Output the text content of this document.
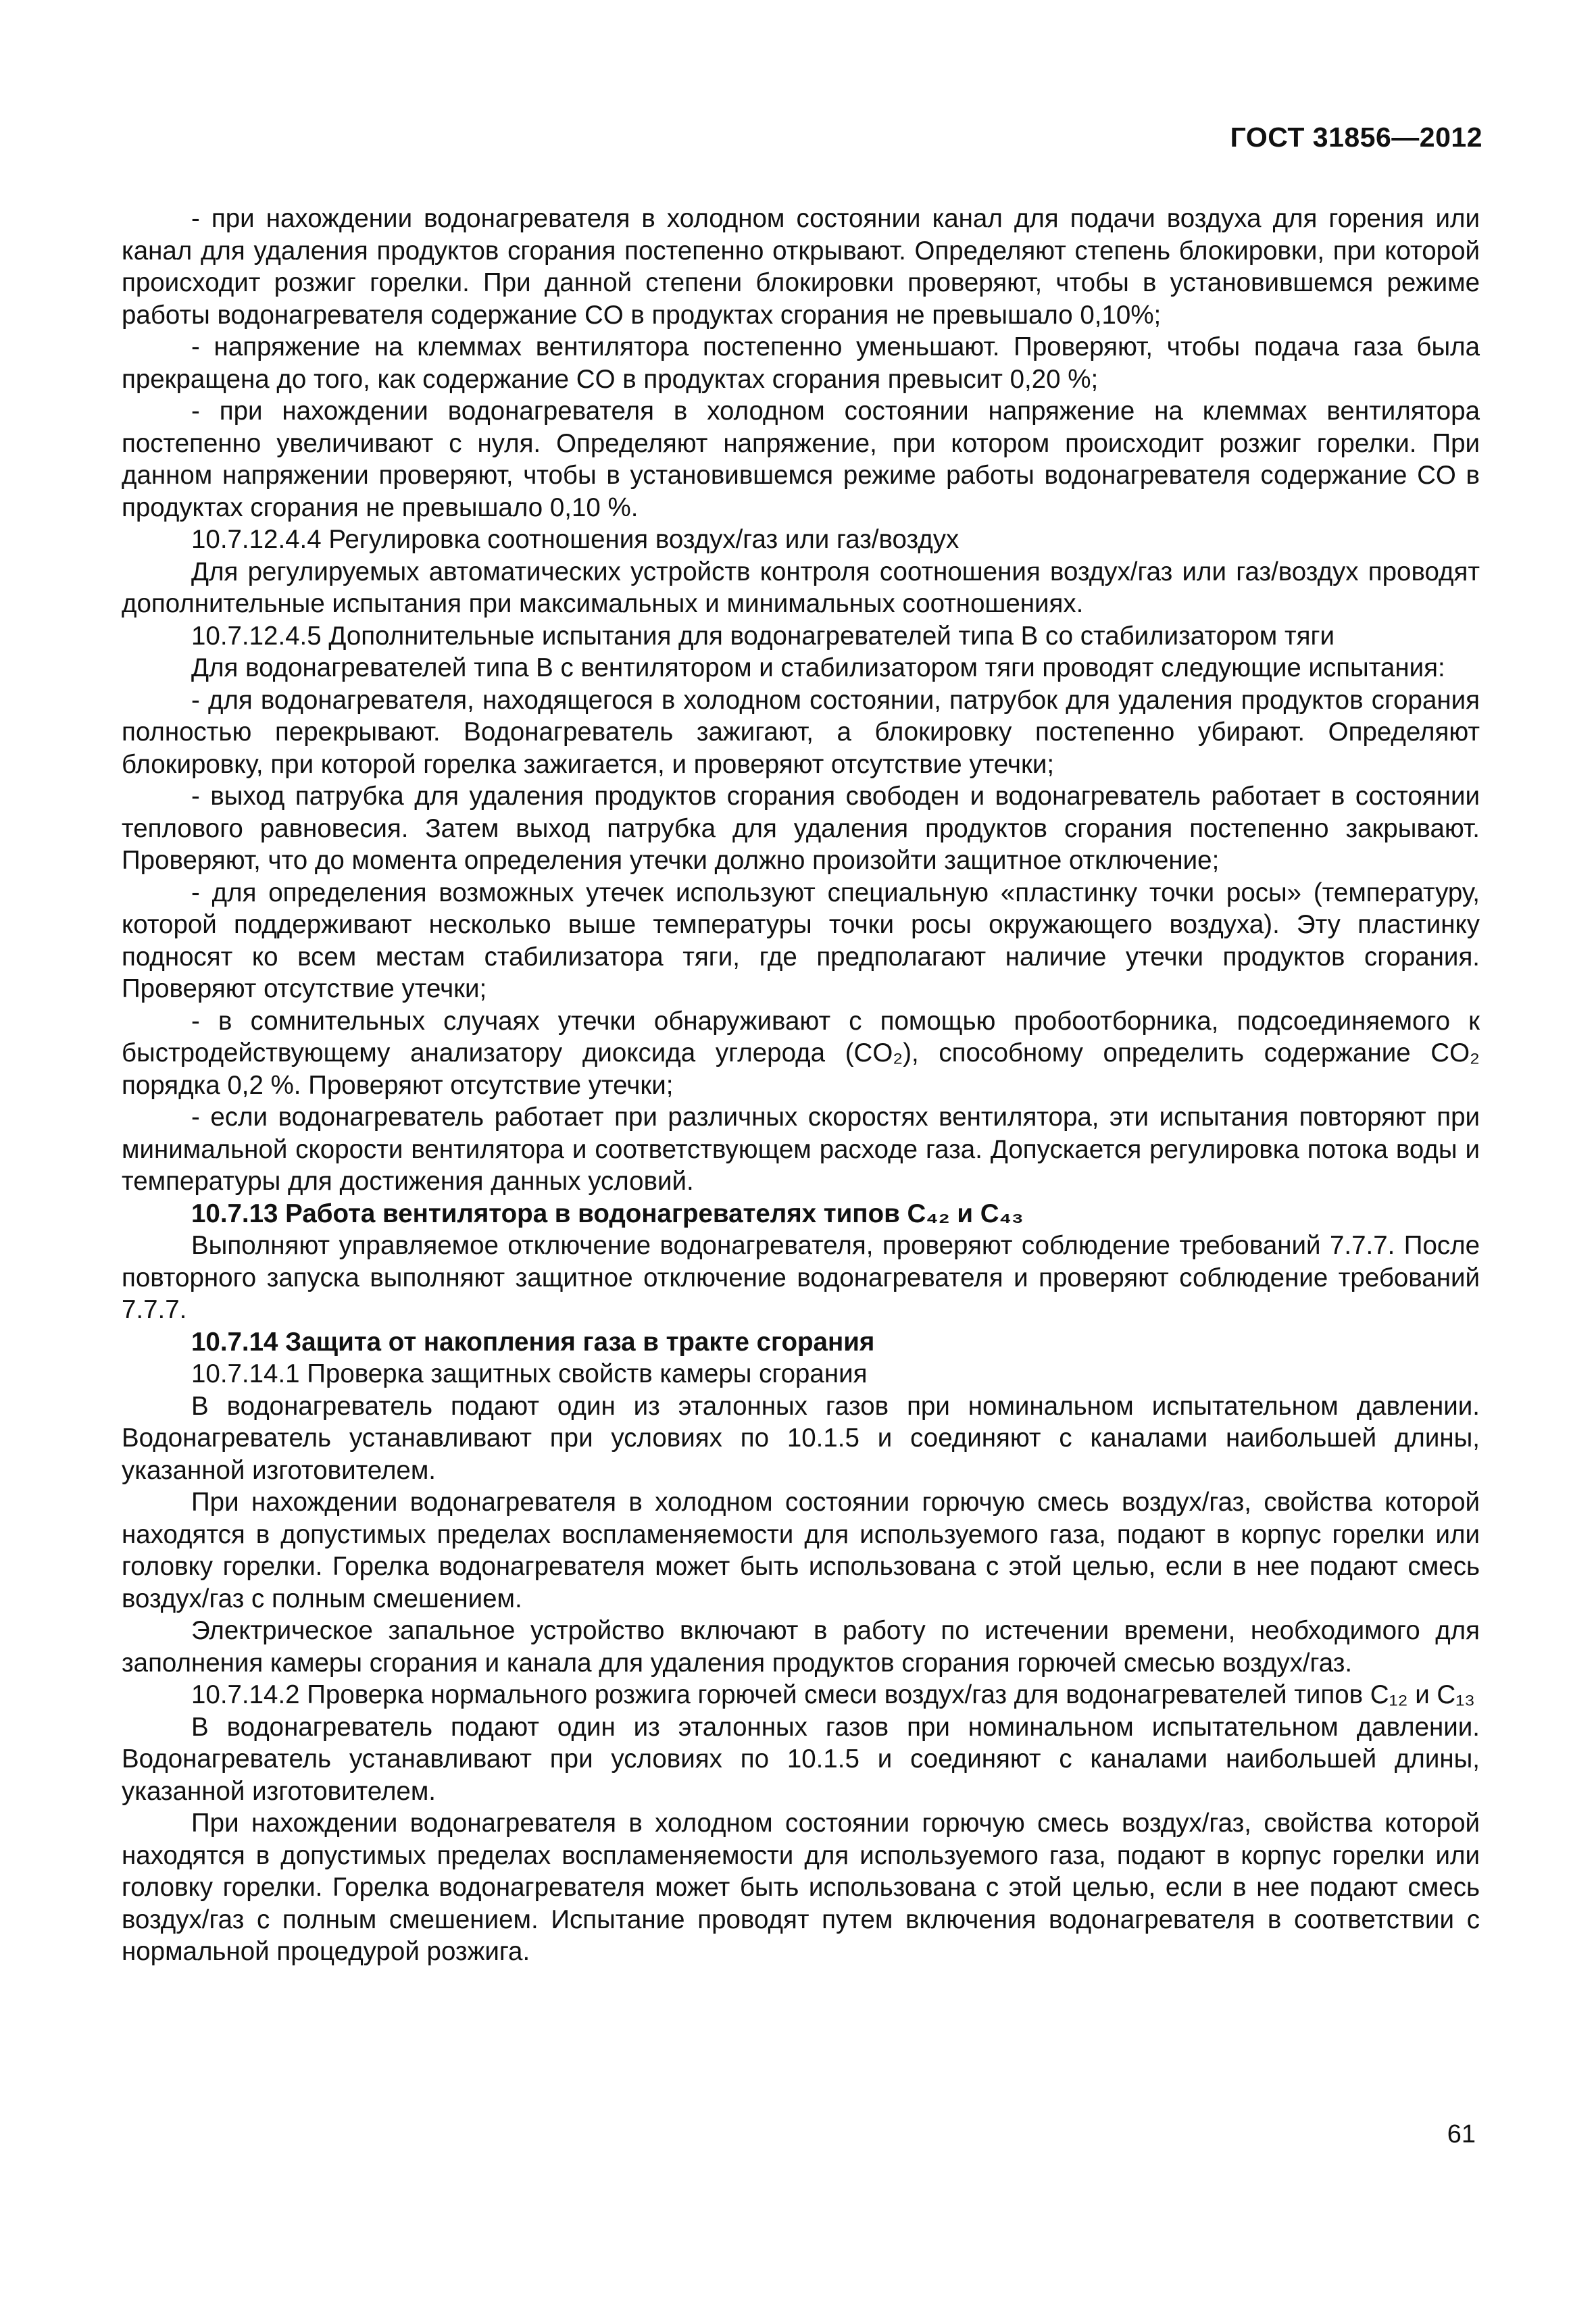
ГОСТ 31856—2012

- при нахождении водонагревателя в холодном состоянии канал для подачи воздуха для горения или канал для удаления продуктов сгорания постепенно открывают. Определяют степень блокировки, при которой происходит розжиг горелки. При данной степени блокировки проверяют, чтобы в установившемся режиме работы водонагревателя содержание CO в продуктах сгорания не превышало 0,10%;

- напряжение на клеммах вентилятора постепенно уменьшают. Проверяют, чтобы подача газа была прекращена до того, как содержание CO в продуктах сгорания превысит 0,20 %;

- при нахождении водонагревателя в холодном состоянии напряжение на клеммах вентилятора постепенно увеличивают с нуля. Определяют напряжение, при котором происходит розжиг горелки. При данном напряжении проверяют, чтобы в установившемся режиме работы водонагревателя содержание CO в продуктах сгорания не превышало 0,10 %.

10.7.12.4.4 Регулировка соотношения воздух/газ или газ/воздух

Для регулируемых автоматических устройств контроля соотношения воздух/газ или газ/воздух проводят дополнительные испытания при максимальных и минимальных соотношениях.

10.7.12.4.5 Дополнительные испытания для водонагревателей типа В со стабилизатором тяги

Для водонагревателей типа В с вентилятором и стабилизатором тяги проводят следующие испытания:

- для водонагревателя, находящегося в холодном состоянии, патрубок для удаления продуктов сгорания полностью перекрывают. Водонагреватель зажигают, а блокировку постепенно убирают. Определяют блокировку, при которой горелка зажигается, и проверяют отсутствие утечки;

- выход патрубка для удаления продуктов сгорания свободен и водонагреватель работает в состоянии теплового равновесия. Затем выход патрубка для удаления продуктов сгорания постепенно закрывают. Проверяют, что до момента определения утечки должно произойти защитное отключение;

- для определения возможных утечек используют специальную «пластинку точки росы» (температуру, которой поддерживают несколько выше температуры точки росы окружающего воздуха). Эту пластинку подносят ко всем местам стабилизатора тяги, где предполагают наличие утечки продуктов сгорания. Проверяют отсутствие утечки;

- в сомнительных случаях утечки обнаруживают с помощью пробоотборника, подсоединяемого к быстродействующему анализатору диоксида углерода (CO₂), способному определить содержание CO₂ порядка 0,2 %. Проверяют отсутствие утечки;

- если водонагреватель работает при различных скоростях вентилятора, эти испытания повторяют при минимальной скорости вентилятора и соответствующем расходе газа. Допускается регулировка потока воды и температуры для достижения данных условий.

10.7.13 Работа вентилятора в водонагревателях типов C₄₂ и C₄₃

Выполняют управляемое отключение водонагревателя, проверяют соблюдение требований 7.7.7. После повторного запуска выполняют защитное отключение водонагревателя и проверяют соблюдение требований 7.7.7.

10.7.14 Защита от накопления газа в тракте сгорания

10.7.14.1 Проверка защитных свойств камеры сгорания

В водонагреватель подают один из эталонных газов при номинальном испытательном давлении. Водонагреватель устанавливают при условиях по 10.1.5 и соединяют с каналами наибольшей длины, указанной изготовителем.

При нахождении водонагревателя в холодном состоянии горючую смесь воздух/газ, свойства которой находятся в допустимых пределах воспламеняемости для используемого газа, подают в корпус горелки или головку горелки. Горелка водонагревателя может быть использована с этой целью, если в нее подают смесь воздух/газ с полным смешением.

Электрическое запальное устройство включают в работу по истечении времени, необходимого для заполнения камеры сгорания и канала для удаления продуктов сгорания горючей смесью воздух/газ.

10.7.14.2 Проверка нормального розжига горючей смеси воздух/газ для водонагревателей типов C₁₂ и C₁₃

В водонагреватель подают один из эталонных газов при номинальном испытательном давлении. Водонагреватель устанавливают при условиях по 10.1.5 и соединяют с каналами наибольшей длины, указанной изготовителем.

При нахождении водонагревателя в холодном состоянии горючую смесь воздух/газ, свойства которой находятся в допустимых пределах воспламеняемости для используемого газа, подают в корпус горелки или головку горелки. Горелка водонагревателя может быть использована с этой целью, если в нее подают смесь воздух/газ с полным смешением. Испытание проводят путем включения водонагревателя в соответствии с нормальной процедурой розжига.

61
